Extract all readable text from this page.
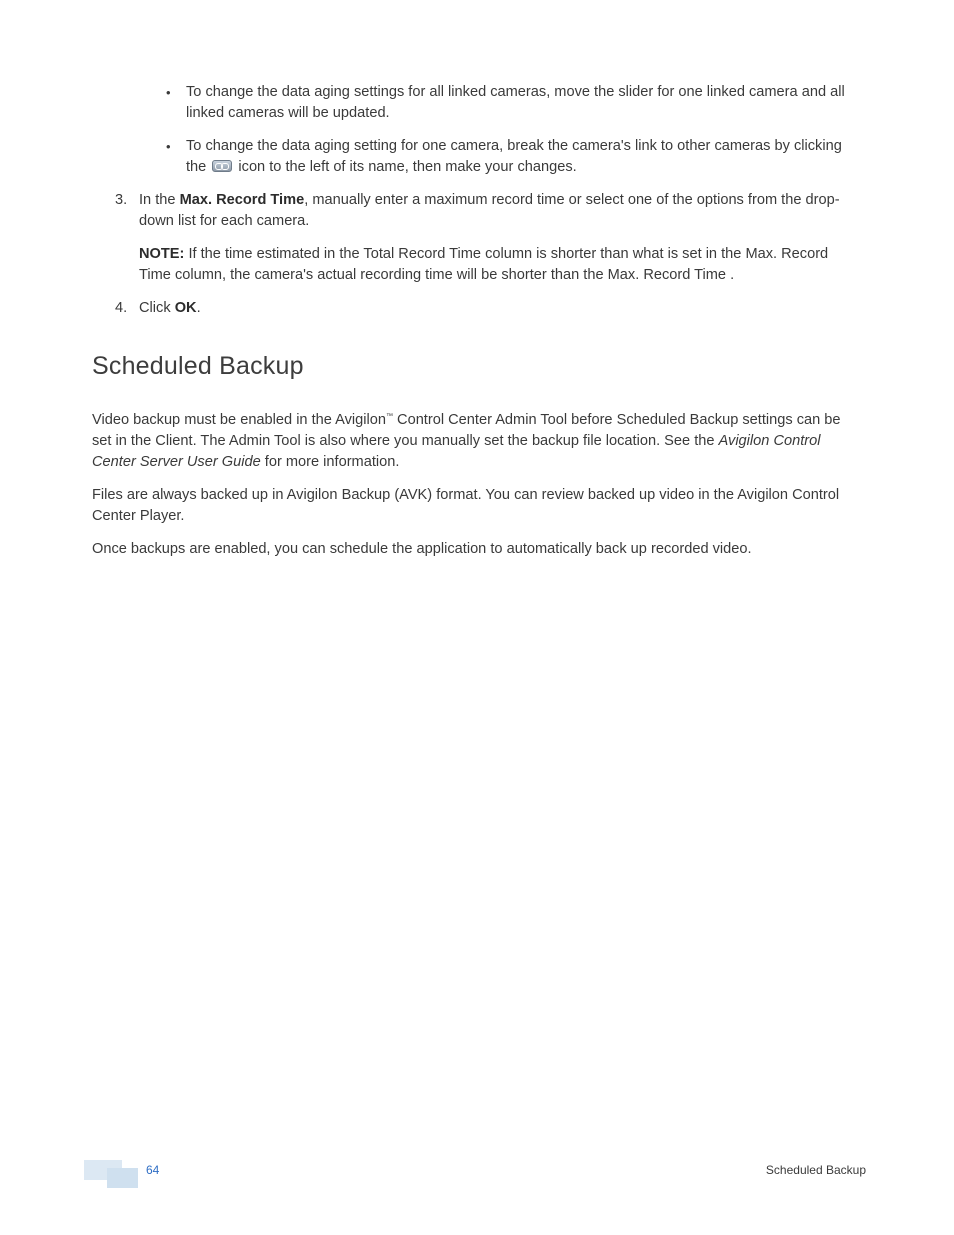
• To change the data aging settings for all linked cameras, move the slider for one linked camera and all linked cameras will be updated.
• To change the data aging setting for one camera, break the camera's link to other cameras by clicking the  icon to the left of its name, then make your changes.
3. In the Max. Record Time, manually enter a maximum record time or select one of the options from the drop-down list for each camera.
NOTE: If the time estimated in the Total Record Time column is shorter than what is set in the Max. Record Time column, the camera's actual recording time will be shorter than the Max. Record Time .
4. Click OK.
Scheduled Backup

Video backup must be enabled in the Avigilon™ Control Center Admin Tool before Scheduled Backup settings can be set in the Client. The Admin Tool is also where you manually set the backup file location. See the Avigilon Control Center Server User Guide for more information.

Files are always backed up in Avigilon Backup (AVK) format. You can review backed up video in the Avigilon Control Center Player.

Once backups are enabled, you can schedule the application to automatically back up recorded video.

64	Scheduled Backup
